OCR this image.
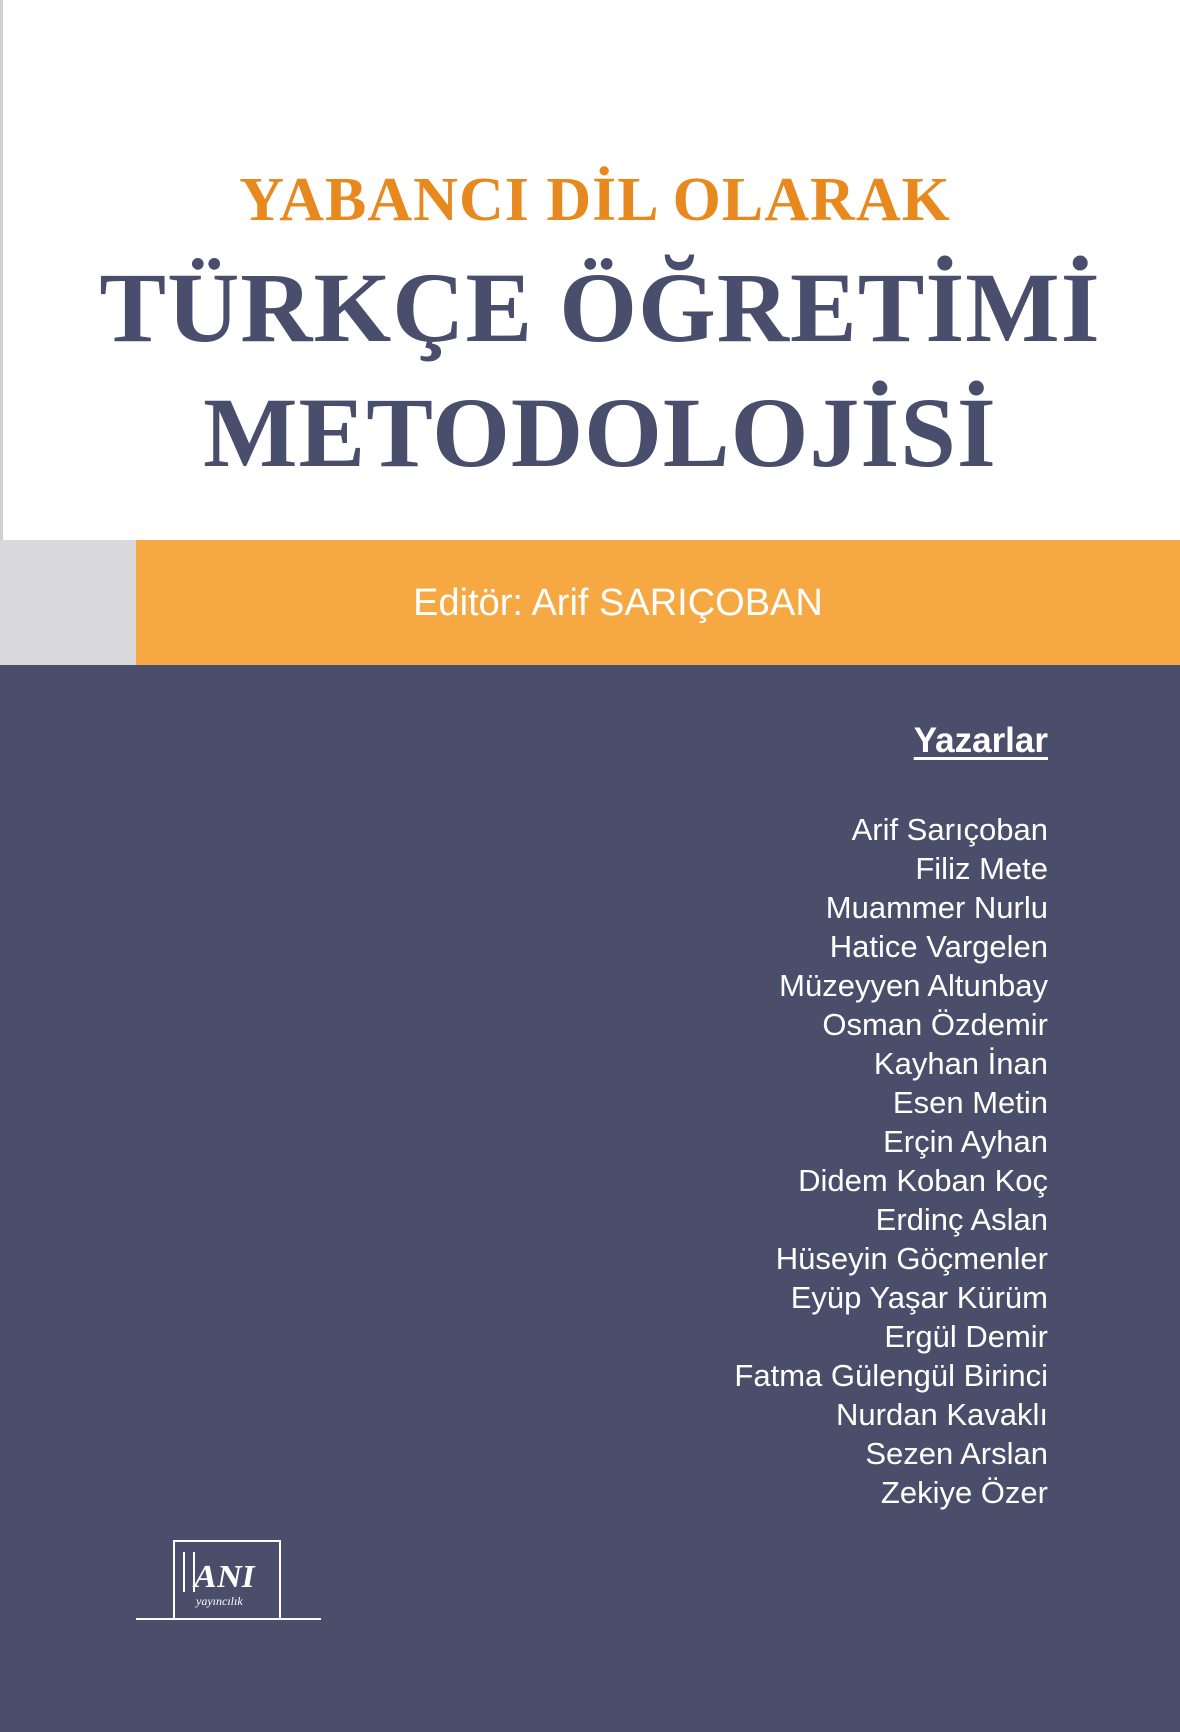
YABANCI DİL OLARAK
TÜRKÇE ÖĞRETİMİ
METODOLOJİSİ

Editör: Arif SARIÇOBAN

Yazarlar
Arif Sarıçoban
Filiz Mete
Muammer Nurlu
Hatice Vargelen
Müzeyyen Altunbay
Osman Özdemir
Kayhan İnan
Esen Metin
Erçin Ayhan
Didem Koban Koç
Erdinç Aslan
Hüseyin Göçmenler
Eyüp Yaşar Kürüm
Ergül Demir
Fatma Gülengül Birinci
Nurdan Kavaklı
Sezen Arslan
Zekiye Özer
ANI
yayıncılık
